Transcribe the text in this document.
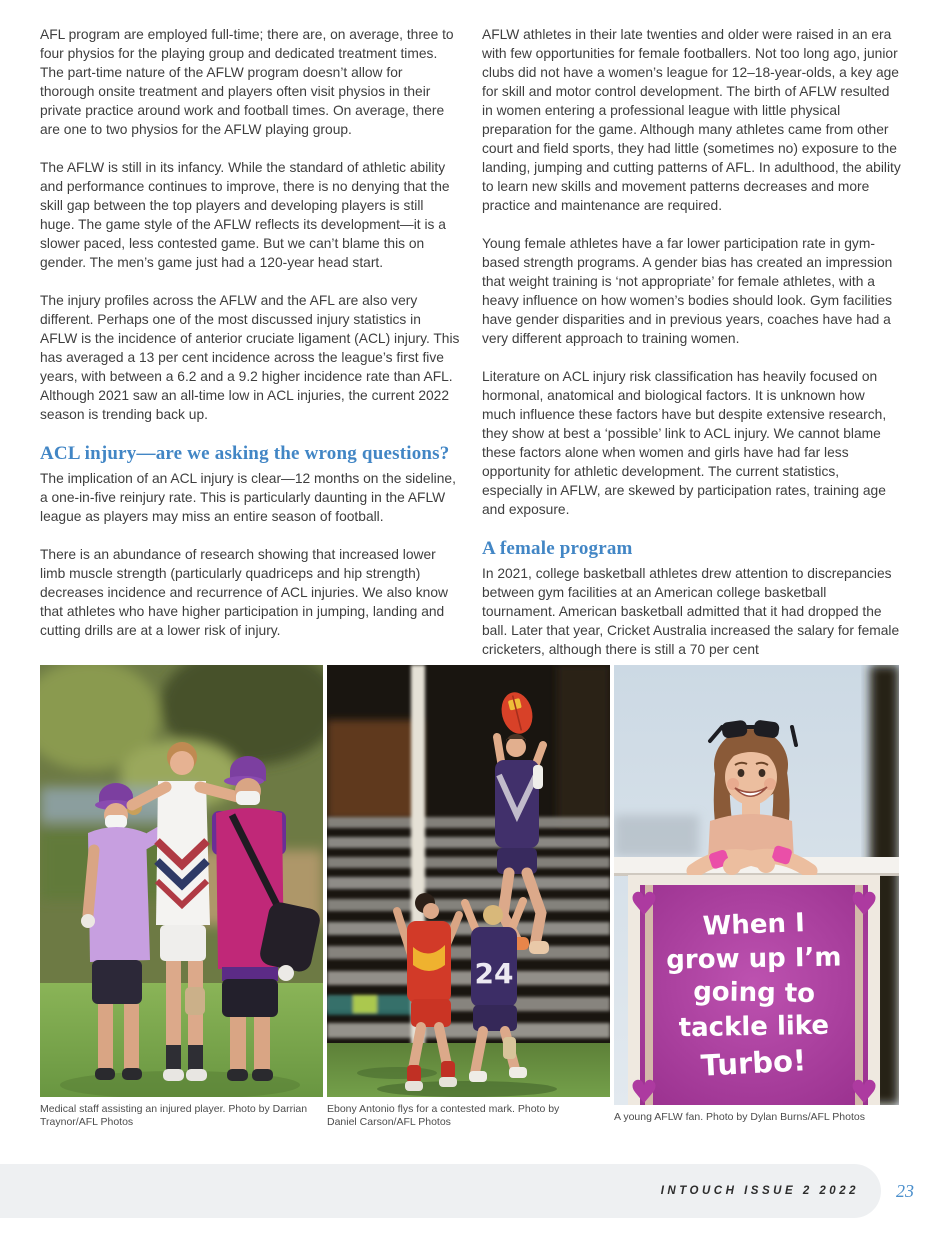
AFL program are employed full-time; there are, on average, three to four physios for the playing group and dedicated treatment times. The part-time nature of the AFLW program doesn’t allow for thorough onsite treatment and players often visit physios in their private practice around work and football times. On average, there are one to two physios for the AFLW playing group.

The AFLW is still in its infancy. While the standard of athletic ability and performance continues to improve, there is no denying that the skill gap between the top players and developing players is still huge. The game style of the AFLW reflects its development—it is a slower paced, less contested game. But we can’t blame this on gender. The men’s game just had a 120-year head start.

The injury profiles across the AFLW and the AFL are also very different. Perhaps one of the most discussed injury statistics in AFLW is the incidence of anterior cruciate ligament (ACL) injury. This has averaged a 13 per cent incidence across the league’s first five years, with between a 6.2 and a 9.2 higher incidence rate than AFL. Although 2021 saw an all-time low in ACL injuries, the current 2022 season is trending back up.

ACL injury—are we asking the wrong questions?

The implication of an ACL injury is clear—12 months on the sideline, a one-in-five reinjury rate. This is particularly daunting in the AFLW league as players may miss an entire season of football.

There is an abundance of research showing that increased lower limb muscle strength (particularly quadriceps and hip strength) decreases incidence and recurrence of ACL injuries. We also know that athletes who have higher participation in jumping, landing and cutting drills are at a lower risk of injury.

AFLW athletes in their late twenties and older were raised in an era with few opportunities for female footballers. Not too long ago, junior clubs did not have a women’s league for 12–18-year-olds, a key age for skill and motor control development. The birth of AFLW resulted in women entering a professional league with little physical preparation for the game. Although many athletes came from other court and field sports, they had little (sometimes no) exposure to the landing, jumping and cutting patterns of AFL. In adulthood, the ability to learn new skills and movement patterns decreases and more practice and maintenance are required.

Young female athletes have a far lower participation rate in gym-based strength programs. A gender bias has created an impression that weight training is ‘not appropriate’ for female athletes, with a heavy influence on how women’s bodies should look. Gym facilities have gender disparities and in previous years, coaches have had a very different approach to training women.

Literature on ACL injury risk classification has heavily focused on hormonal, anatomical and biological factors. It is unknown how much influence these factors have but despite extensive research, they show at best a ‘possible’ link to ACL injury. We cannot blame these factors alone when women and girls have had far less opportunity for athletic development. The current statistics, especially in AFLW, are skewed by participation rates, training age and exposure.

A female program

In 2021, college basketball athletes drew attention to discrepancies between gym facilities at an American college basketball tournament. American basketball admitted that it had dropped the ball. Later that year, Cricket Australia increased the salary for female cricketers, although there is still a 70 per cent

Medical staff assisting an injured player. Photo by Darrian Traynor/AFL Photos
24
Ebony Antonio flys for a contested mark. Photo by Daniel Carson/AFL Photos
♥	♥
♥	♥
When I
grow up I’m
going to
tackle like
Turbo!
A young AFLW fan. Photo by Dylan Burns/AFL Photos
INTOUCH ISSUE 2 2022 23
